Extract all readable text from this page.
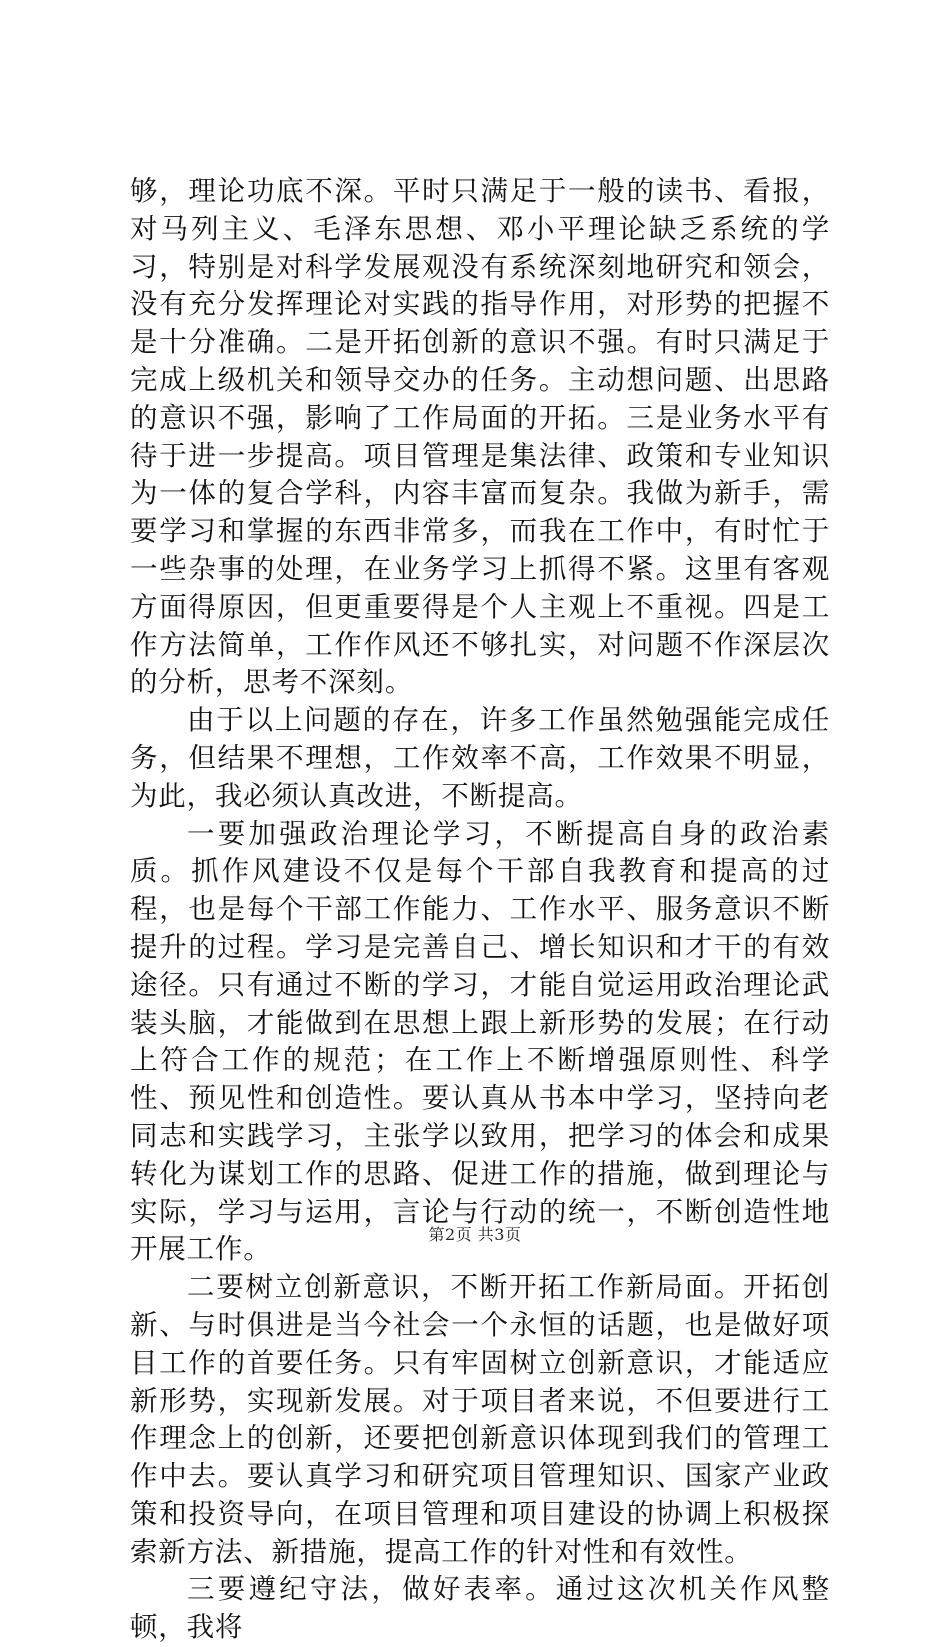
够，理论功底不深。平时只满足于一般的读书、看报，对马列主义、毛泽东思想、邓小平理论缺乏系统的学习，特别是对科学发展观没有系统深刻地研究和领会，没有充分发挥理论对实践的指导作用，对形势的把握不是十分准确。二是开拓创新的意识不强。有时只满足于完成上级机关和领导交办的任务。主动想问题、出思路的意识不强，影响了工作局面的开拓。三是业务水平有待于进一步提高。项目管理是集法律、政策和专业知识为一体的复合学科，内容丰富而复杂。我做为新手，需要学习和掌握的东西非常多，而我在工作中，有时忙于一些杂事的处理，在业务学习上抓得不紧。这里有客观方面得原因，但更重要得是个人主观上不重视。四是工作方法简单，工作作风还不够扎实，对问题不作深层次的分析，思考不深刻。

由于以上问题的存在，许多工作虽然勉强能完成任务，但结果不理想，工作效率不高，工作效果不明显，为此，我必须认真改进，不断提高。

一要加强政治理论学习，不断提高自身的政治素质。抓作风建设不仅是每个干部自我教育和提高的过程，也是每个干部工作能力、工作水平、服务意识不断提升的过程。学习是完善自己、增长知识和才干的有效途径。只有通过不断的学习，才能自觉运用政治理论武装头脑，才能做到在思想上跟上新形势的发展；在行动上符合工作的规范；在工作上不断增强原则性、科学性、预见性和创造性。要认真从书本中学习，坚持向老同志和实践学习，主张学以致用，把学习的体会和成果转化为谋划工作的思路、促进工作的措施，做到理论与实际，学习与运用，言论与行动的统一，不断创造性地开展工作。

二要树立创新意识，不断开拓工作新局面。开拓创新、与时俱进是当今社会一个永恒的话题，也是做好项目工作的首要任务。只有牢固树立创新意识，才能适应新形势，实现新发展。对于项目者来说，不但要进行工作理念上的创新，还要把创新意识体现到我们的管理工作中去。要认真学习和研究项目管理知识、国家产业政策和投资导向，在项目管理和项目建设的协调上积极探索新方法、新措施，提高工作的针对性和有效性。

三要遵纪守法，做好表率。通过这次机关作风整顿，我将

第2页 共3页
